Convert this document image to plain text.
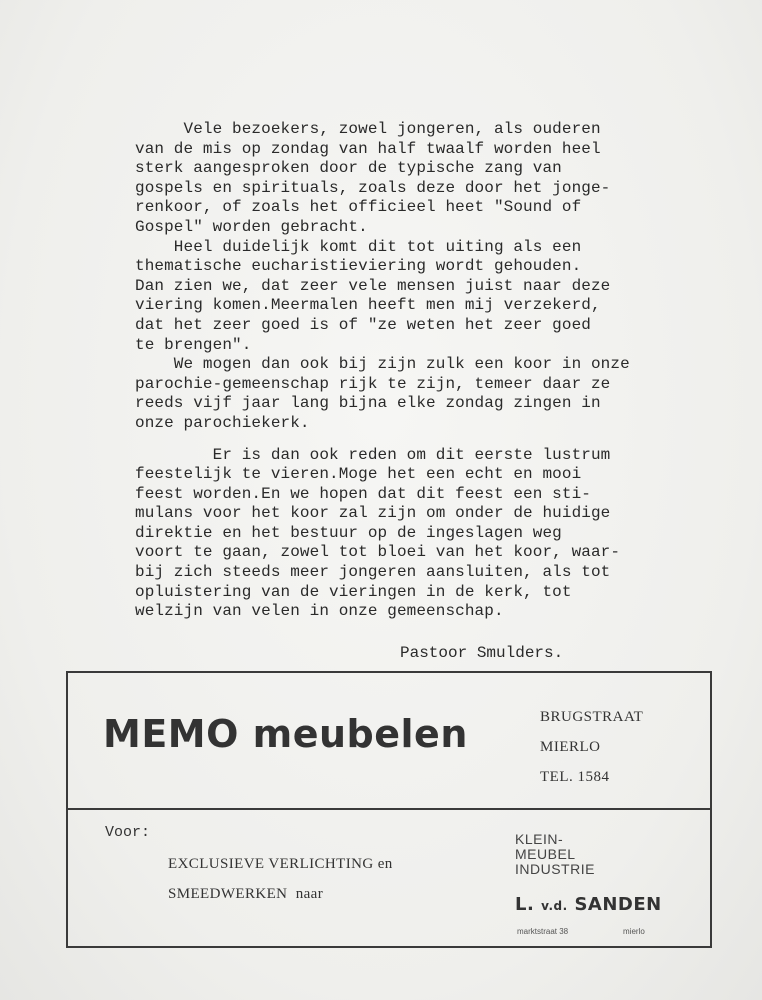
Vele bezoekers, zowel jongeren, als ouderen
van de mis op zondag van half twaalf worden heel
sterk aangesproken door de typische zang van
gospels en spirituals, zoals deze door het jonge-
renkoor, of zoals het officieel heet "Sound of
Gospel" worden gebracht.
Heel duidelijk komt dit tot uiting als een
thematische eucharistieviering wordt gehouden.
Dan zien we, dat zeer vele mensen juist naar deze
viering komen.Meermalen heeft men mij verzekerd,
dat het zeer goed is of "ze weten het zeer goed
te brengen".
We mogen dan ook bij zijn zulk een koor in onze
parochie-gemeenschap rijk te zijn, temeer daar ze
reeds vijf jaar lang bijna elke zondag zingen in
onze parochiekerk.
Er is dan ook reden om dit eerste lustrum
feestelijk te vieren.Moge het een echt en mooi
feest worden.En we hopen dat dit feest een sti-
mulans voor het koor zal zijn om onder de huidige
direktie en het bestuur op de ingeslagen weg
voort te gaan, zowel tot bloei van het koor, waar-
bij zich steeds meer jongeren aansluiten, als tot
opluistering van de vieringen in de kerk, tot
welzijn van velen in onze gemeenschap.
Pastoor Smulders.
MEMO meubelen	BRUGSTRAAT
MIERLO
TEL. 1584
Voor:
EXCLUSIEVE VERLICHTING en
SMEEDWERKEN  naar
KLEIN-
MEUBEL
INDUSTRIE
L. v.d. SANDEN
marktstraat 38	mierlo
